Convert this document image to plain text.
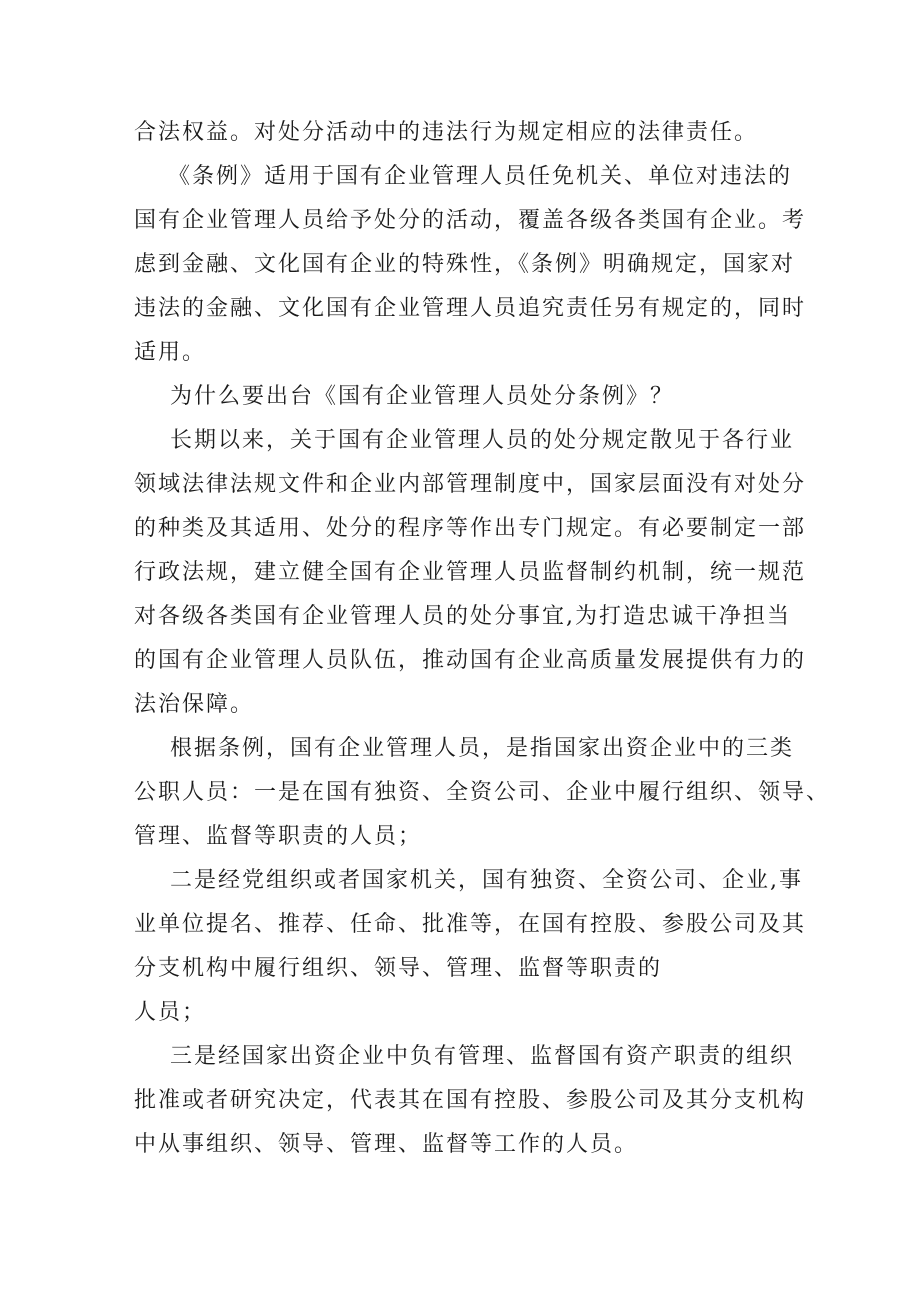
合法权益。对处分活动中的违法行为规定相应的法律责任。
《条例》适用于国有企业管理人员任免机关、单位对违法的
国有企业管理人员给予处分的活动，覆盖各级各类国有企业。考
虑到金融、文化国有企业的特殊性，《条例》明确规定，国家对
违法的金融、文化国有企业管理人员追究责任另有规定的，同时
适用。
为什么要出台《国有企业管理人员处分条例》？
长期以来，关于国有企业管理人员的处分规定散见于各行业
领域法律法规文件和企业内部管理制度中，国家层面没有对处分
的种类及其适用、处分的程序等作出专门规定。有必要制定一部
行政法规，建立健全国有企业管理人员监督制约机制，统一规范
对各级各类国有企业管理人员的处分事宜,为打造忠诚干净担当
的国有企业管理人员队伍，推动国有企业高质量发展提供有力的
法治保障。
根据条例，国有企业管理人员，是指国家出资企业中的三类
公职人员：一是在国有独资、全资公司、企业中履行组织、领导、
管理、监督等职责的人员；
二是经党组织或者国家机关，国有独资、全资公司、企业,事
业单位提名、推荐、任命、批准等，在国有控股、参股公司及其
分支机构中履行组织、领导、管理、监督等职责的
人员；
三是经国家出资企业中负有管理、监督国有资产职责的组织
批准或者研究决定，代表其在国有控股、参股公司及其分支机构
中从事组织、领导、管理、监督等工作的人员。
